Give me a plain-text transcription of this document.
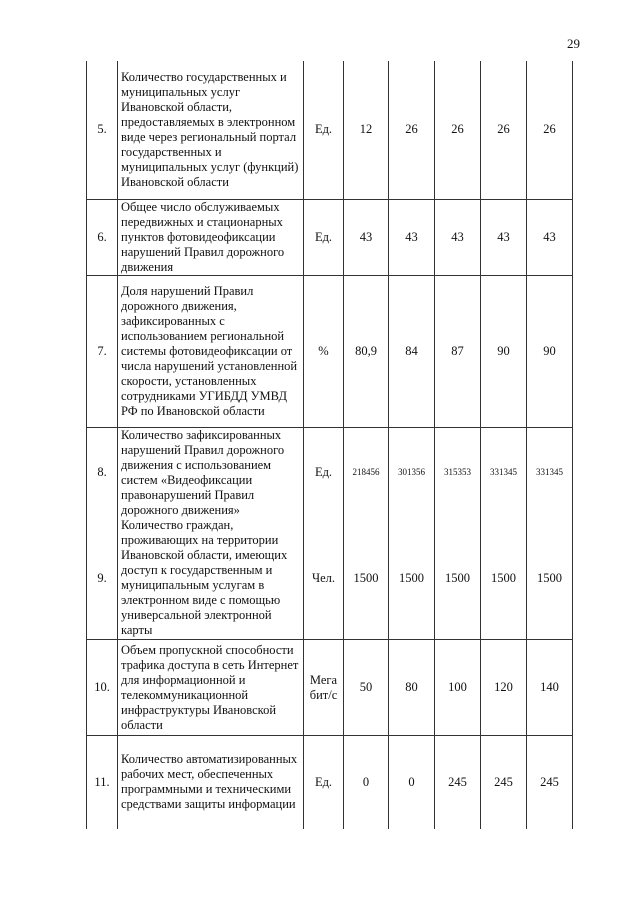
29
5.	Количество государственных и муниципальных услуг Ивановской области, предоставляемых в электронном виде через региональный портал государственных и муниципальных услуг (функций) Ивановской области	Ед.	12	26	26	26	26
6.	Общее число обслуживаемых передвижных и стационарных пунктов фотовидеофиксации нарушений Правил дорожного движения	Ед.	43	43	43	43	43
7.	Доля нарушений Правил дорожного движения, зафиксированных с использованием региональной системы фотовидеофиксации от числа нарушений установленной скорости, установленных сотрудниками УГИБДД УМВД РФ по Ивановской области	%	80,9	84	87	90	90
8.	Количество зафиксированных нарушений Правил дорожного движения с использованием систем «Видеофиксации правонарушений Правил дорожного движения»	Ед.	218456	301356	315353	331345	331345
9.	Количество граждан, проживающих на территории Ивановской области, имеющих доступ к государственным и муниципальным услугам в электронном виде с помощью универсальной электронной карты	Чел.	1500	1500	1500	1500	1500
10.	Объем пропускной способности трафика доступа в сеть Интернет для информационной и телекоммуникационной инфраструктуры Ивановской области	Мега бит/с	50	80	100	120	140
11.	Количество автоматизированных рабочих мест, обеспеченных программными и техническими средствами защиты информации	Ед.	0	0	245	245	245
